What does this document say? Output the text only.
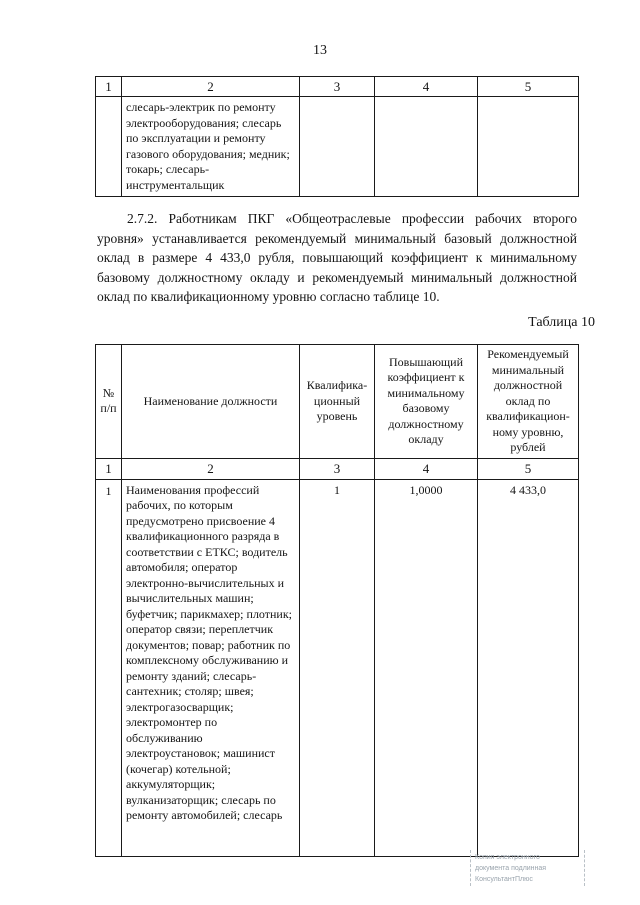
13
1	2	3	4	5
	слесарь-электрик по ремонту электрооборудования; слесарь по эксплуатации и ремонту газового оборудования; медник; токарь; слесарь-инструментальщик			
2.7.2. Работникам ПКГ «Общеотраслевые профессии рабочих второго уровня» устанавливается рекомендуемый минимальный базовый должностной оклад в размере 4 433,0 рубля, повышающий коэффициент к минимальному базовому должностному окладу и рекомендуемый минимальный должностной оклад по квалификационному уровню согласно таблице 10.
Таблица 10
№ п/п	Наименование должности	Квалифика-ционный уровень	Повышающий коэффициент к минимальному базовому должностному окладу	Рекомендуемый минимальный должностной оклад по квалификацион-ному уровню, рублей
1	2	3	4	5
1	Наименования профессий рабочих, по которым предусмотрено присвоение 4 квалификационного разряда в соответствии с ЕТКС; водитель автомобиля; оператор электронно-вычислительных и вычислительных машин; буфетчик; парикмахер; плотник; оператор связи; переплетчик документов; повар; работник по комплексному обслуживанию и ремонту зданий; слесарь-сантехник; столяр; швея; электрогазосварщик; электромонтер по обслуживанию электроустановок; машинист (кочегар) котельной; аккумуляторщик; вулканизаторщик; слесарь по ремонту автомобилей; слесарь	1	1,0000	4 433,0
Копия электронного
документа подлинная
КонсультантПлюс
